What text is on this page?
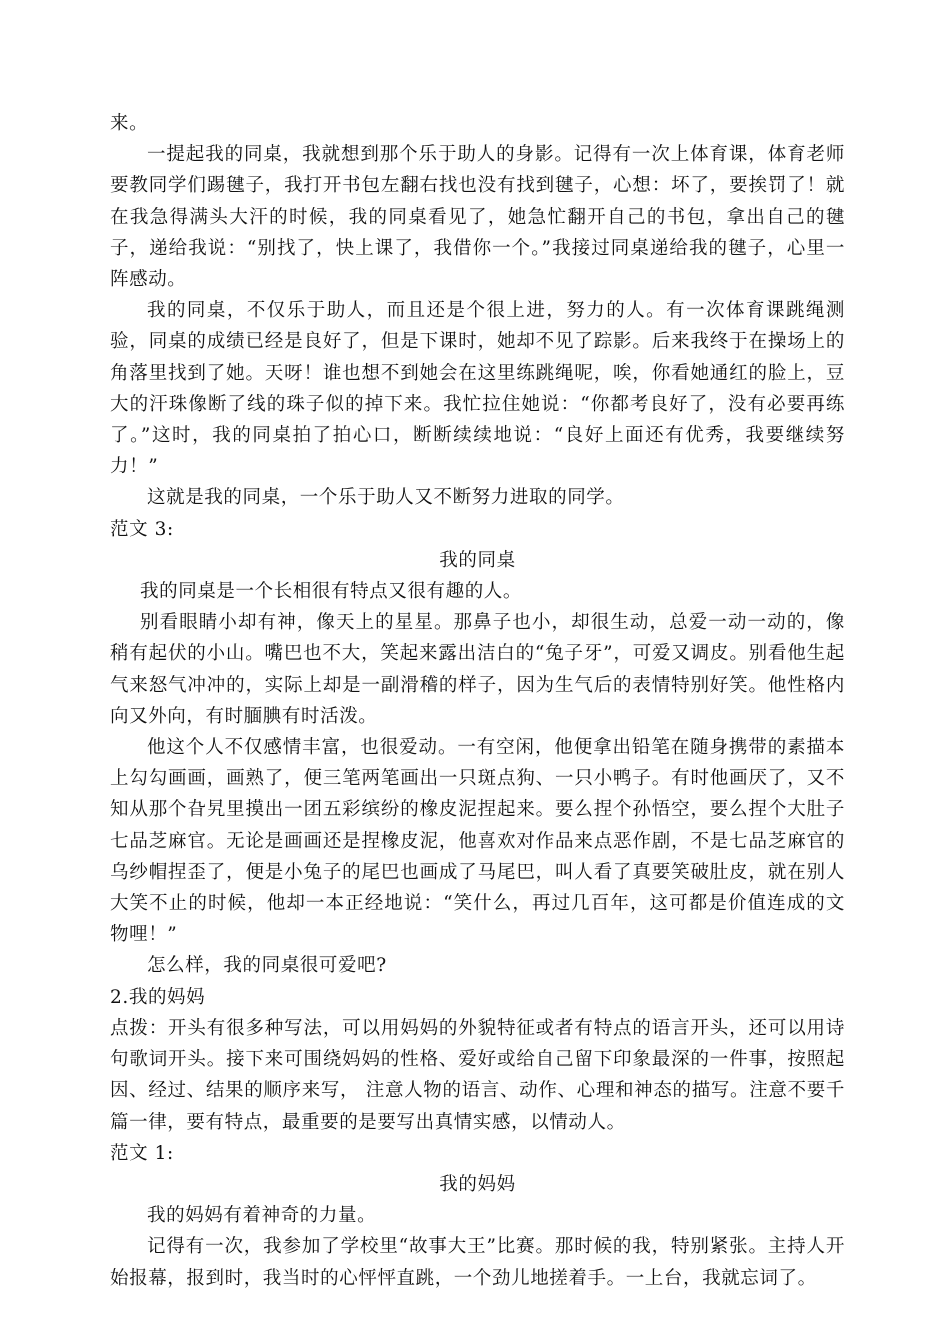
来。

一提起我的同桌，我就想到那个乐于助人的身影。记得有一次上体育课，体育老师要教同学们踢毽子，我打开书包左翻右找也没有找到毽子，心想：坏了，要挨罚了！就在我急得满头大汗的时候，我的同桌看见了，她急忙翻开自己的书包，拿出自己的毽子，递给我说：“别找了，快上课了，我借你一个。”我接过同桌递给我的毽子，心里一阵感动。

我的同桌，不仅乐于助人，而且还是个很上进，努力的人。有一次体育课跳绳测验，同桌的成绩已经是良好了，但是下课时，她却不见了踪影。后来我终于在操场上的角落里找到了她。天呀！谁也想不到她会在这里练跳绳呢，唉，你看她通红的脸上，豆大的汗珠像断了线的珠子似的掉下来。我忙拉住她说：“你都考良好了，没有必要再练了。”这时，我的同桌拍了拍心口，断断续续地说：“良好上面还有优秀，我要继续努力！”

这就是我的同桌，一个乐于助人又不断努力进取的同学。

范文 3:

我的同桌

我的同桌是一个长相很有特点又很有趣的人。

别看眼睛小却有神，像天上的星星。那鼻子也小，却很生动，总爱一动一动的，像稍有起伏的小山。嘴巴也不大，笑起来露出洁白的“兔子牙”，可爱又调皮。别看他生起气来怒气冲冲的，实际上却是一副滑稽的样子，因为生气后的表情特别好笑。他性格内向又外向，有时腼腆有时活泼。

他这个人不仅感情丰富，也很爱动。一有空闲，他便拿出铅笔在随身携带的素描本上勾勾画画，画熟了，便三笔两笔画出一只斑点狗、一只小鸭子。有时他画厌了，又不知从那个旮旯里摸出一团五彩缤纷的橡皮泥捏起来。要么捏个孙悟空，要么捏个大肚子七品芝麻官。无论是画画还是捏橡皮泥，他喜欢对作品来点恶作剧，不是七品芝麻官的乌纱帽捏歪了，便是小兔子的尾巴也画成了马尾巴，叫人看了真要笑破肚皮，就在别人大笑不止的时候，他却一本正经地说：“笑什么，再过几百年，这可都是价值连成的文物哩！”

怎么样，我的同桌很可爱吧?

2.我的妈妈

点拨：开头有很多种写法，可以用妈妈的外貌特征或者有特点的语言开头，还可以用诗句歌词开头。接下来可围绕妈妈的性格、爱好或给自己留下印象最深的一件事，按照起因、经过、结果的顺序来写， 注意人物的语言、动作、心理和神态的描写。注意不要千篇一律，要有特点，最重要的是要写出真情实感，以情动人。

范文 1:

我的妈妈

我的妈妈有着神奇的力量。

记得有一次，我参加了学校里“故事大王”比赛。那时候的我，特别紧张。主持人开始报幕，报到时，我当时的心怦怦直跳，一个劲儿地搓着手。一上台，我就忘词了。
